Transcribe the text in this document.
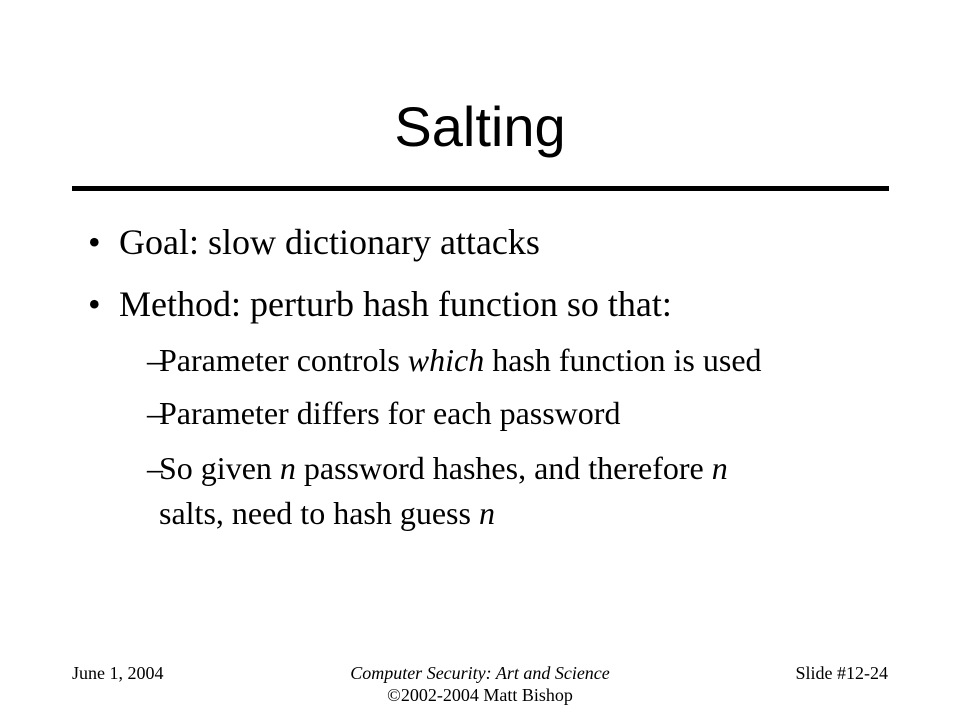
Salting
• Goal: slow dictionary attacks
• Method: perturb hash function so that:
–Parameter controls which hash function is used
–Parameter differs for each password
–So given n password hashes, and therefore n
salts, need to hash guess n
June 1, 2004	Computer Security: Art and Science
©2002-2004 Matt Bishop
Slide #12-24
